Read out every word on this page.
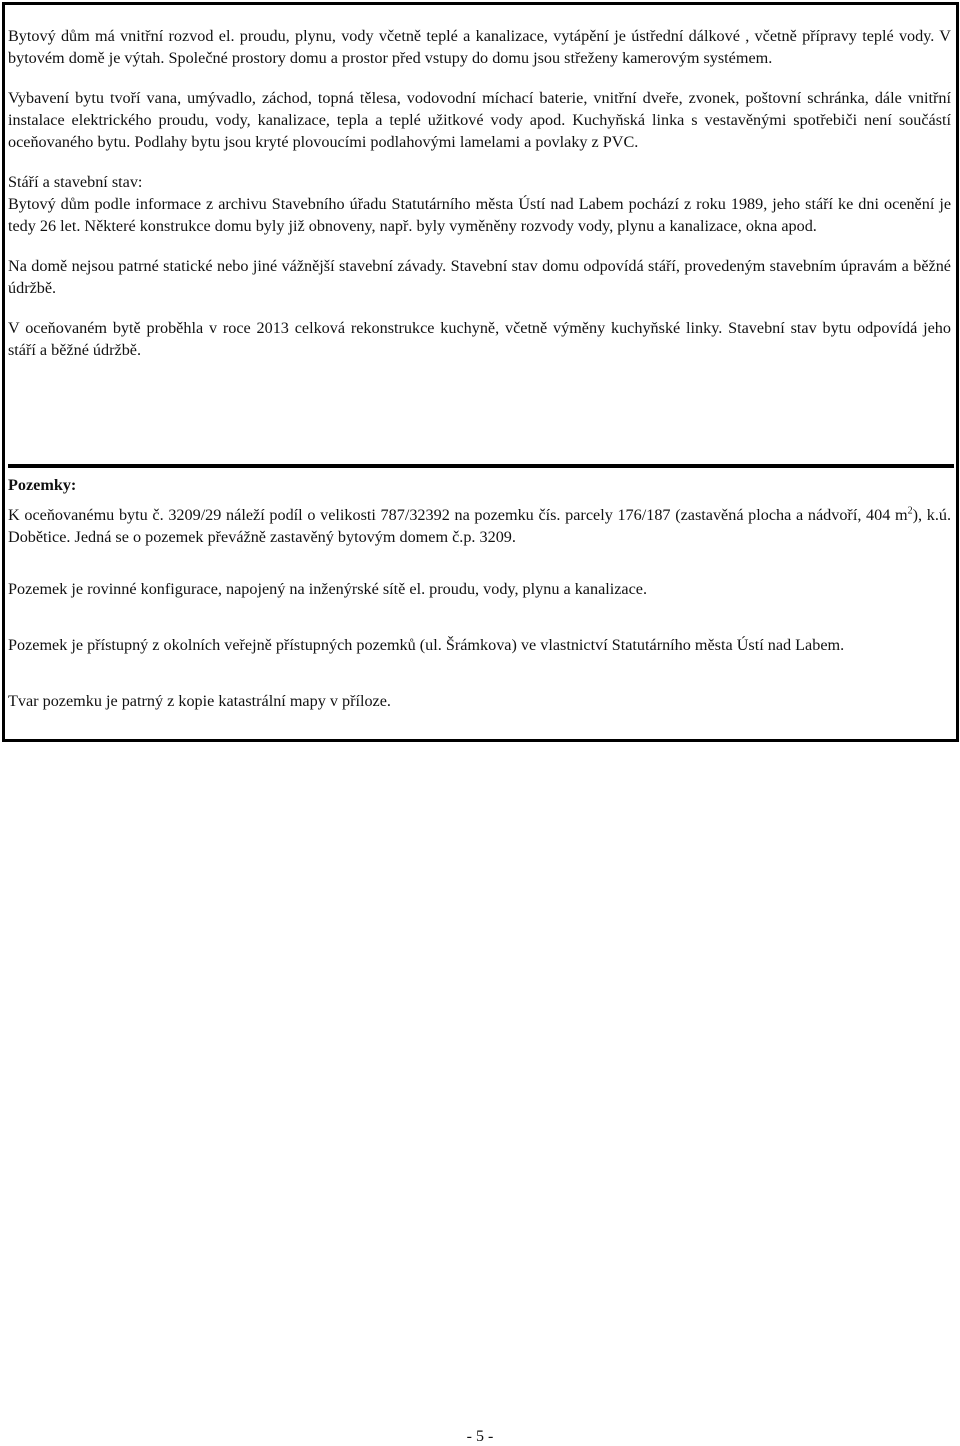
Bytový dům má vnitřní rozvod el. proudu, plynu, vody včetně teplé a kanalizace, vytápění je ústřední dálkové , včetně přípravy teplé vody. V bytovém domě je výtah. Společné prostory domu a prostor před vstupy do domu jsou střeženy kamerovým systémem.

Vybavení bytu tvoří vana, umývadlo, záchod, topná tělesa, vodovodní míchací baterie, vnitřní dveře, zvonek, poštovní schránka, dále vnitřní instalace elektrického proudu, vody, kanalizace, tepla a teplé užitkové vody apod. Kuchyňská linka s vestavěnými spotřebiči není součástí oceňovaného bytu. Podlahy bytu jsou kryté plovoucími podlahovými lamelami a povlaky z PVC.

Stáří a stavební stav:

Bytový dům podle informace z archivu Stavebního úřadu Statutárního města Ústí nad Labem pochází z roku 1989, jeho stáří ke dni ocenění je tedy 26 let. Některé konstrukce domu byly již obnoveny, např. byly vyměněny rozvody vody, plynu a kanalizace, okna apod.

Na domě nejsou patrné statické nebo jiné vážnější stavební závady. Stavební stav domu odpovídá stáří, provedeným stavebním úpravám a běžné údržbě.

V oceňovaném bytě proběhla v roce 2013 celková rekonstrukce kuchyně, včetně výměny kuchyňské linky. Stavební stav bytu odpovídá jeho stáří a běžné údržbě.

Pozemky:

K oceňovanému bytu č. 3209/29 náleží podíl o velikosti 787/32392 na pozemku čís. parcely 176/187 (zastavěná plocha a nádvoří, 404 $m^2$), k.ú. Dobětice. Jedná se o pozemek převážně zastavěný bytovým domem č.p. 3209.

Pozemek je rovinné konfigurace, napojený na inženýrské sítě el. proudu, vody, plynu a kanalizace.

Pozemek je přístupný z okolních veřejně přístupných pozemků (ul. Šrámkova) ve vlastnictví Statutárního města Ústí nad Labem.

Tvar pozemku je patrný z kopie katastrální mapy v příloze.

- 5 -
